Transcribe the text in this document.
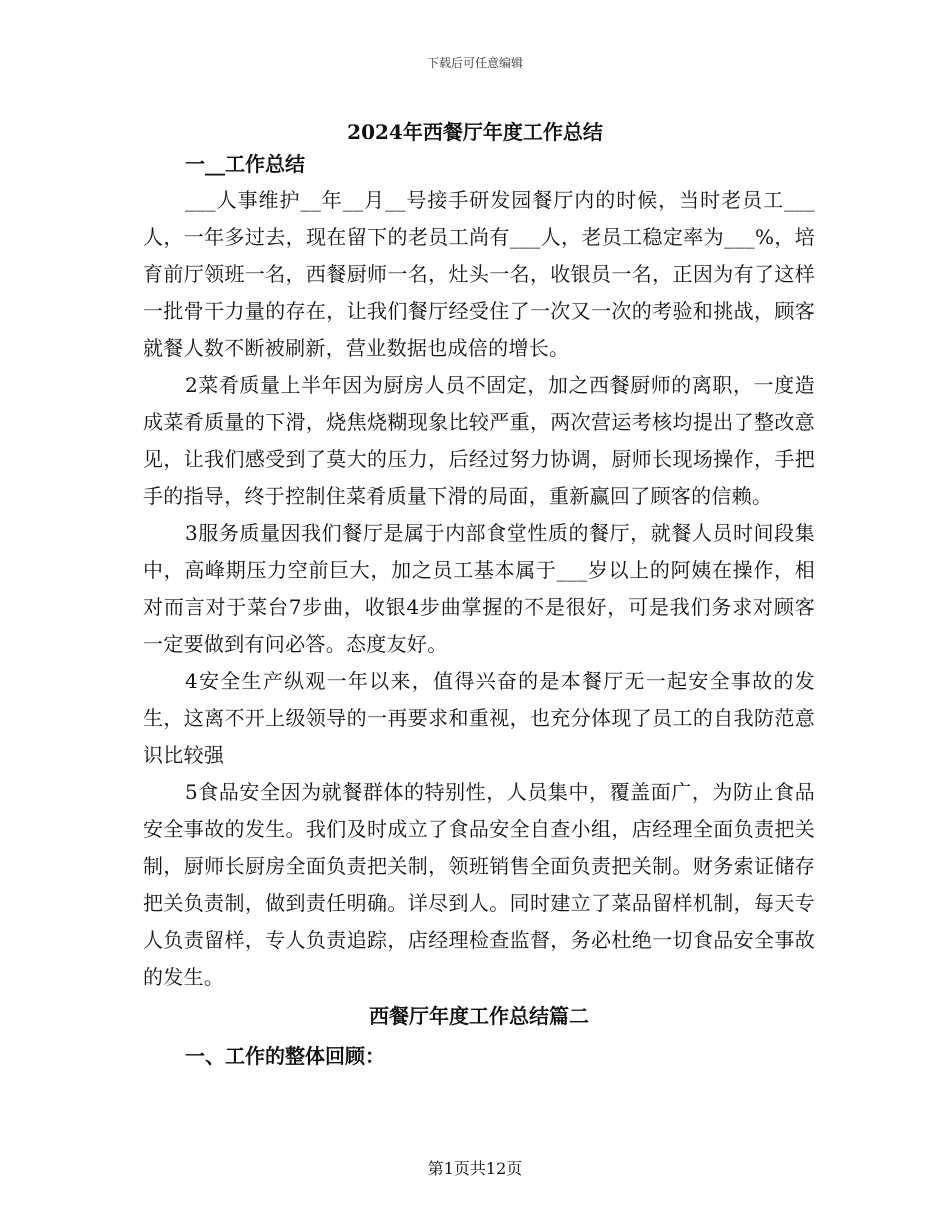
下载后可任意编辑
2024年西餐厅年度工作总结

一__工作总结

___人事维护__年__月__号接手研发园餐厅内的时候，当时老员工___人，一年多过去，现在留下的老员工尚有___人，老员工稳定率为___%，培育前厅领班一名，西餐厨师一名，灶头一名，收银员一名，正因为有了这样一批骨干力量的存在，让我们餐厅经受住了一次又一次的考验和挑战，顾客就餐人数不断被刷新，营业数据也成倍的增长。

2菜肴质量上半年因为厨房人员不固定，加之西餐厨师的离职，一度造成菜肴质量的下滑，烧焦烧糊现象比较严重，两次营运考核均提出了整改意见，让我们感受到了莫大的压力，后经过努力协调，厨师长现场操作，手把手的指导，终于控制住菜肴质量下滑的局面，重新赢回了顾客的信赖。

3服务质量因我们餐厅是属于内部食堂性质的餐厅，就餐人员时间段集中，高峰期压力空前巨大，加之员工基本属于___岁以上的阿姨在操作，相对而言对于菜台7步曲，收银4步曲掌握的不是很好，可是我们务求对顾客一定要做到有问必答。态度友好。

4安全生产纵观一年以来，值得兴奋的是本餐厅无一起安全事故的发生，这离不开上级领导的一再要求和重视，也充分体现了员工的自我防范意识比较强

5食品安全因为就餐群体的特别性，人员集中，覆盖面广，为防止食品安全事故的发生。我们及时成立了食品安全自查小组，店经理全面负责把关制，厨师长厨房全面负责把关制，领班销售全面负责把关制。财务索证储存把关负责制，做到责任明确。详尽到人。同时建立了菜品留样机制，每天专人负责留样，专人负责追踪，店经理检查监督，务必杜绝一切食品安全事故的发生。

西餐厅年度工作总结篇二

一、工作的整体回顾：

第1页共12页
